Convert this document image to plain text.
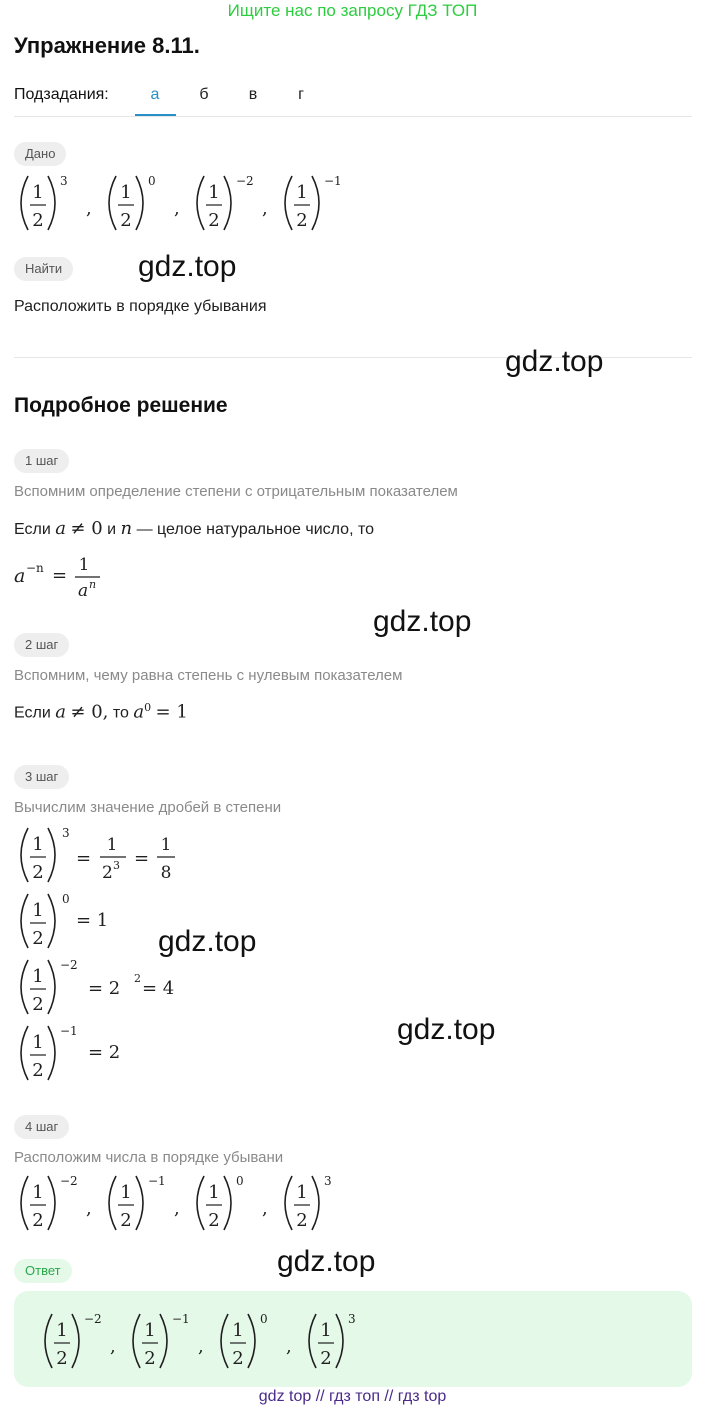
Ищите нас по запросу ГДЗ ТОП
Упражнение 8.11.
Подзадания:	а	б	в	г
Дано
1
2
3
,
1
2
0
,
1
2
−2
,
1
2
−1
Найти
Расположить в порядке убывания
Подробное решение
1 шаг
Вспомним определение степени с отрицательным показателем
Если a ≠ 0 и n — целое натуральное число, то
a −n = 1
a n
2 шаг
Вспомним, чему равна степень с нулевым показателем
Если a ≠ 0, то $a^0 = 1$
3 шаг
Вычислим значение дробей в степени
1
2
3
=
1
2 3 =
1
8
1
2
0
= 1
1
2
−2
= 2 2 = 4
1
2
−1
= 2
4 шаг
Расположим числа в порядке убывани
1
2
−2
,
1
2
−1
,
1
2
0
,
1
2
3
Ответ
1
2
−2
,
1
2
−1
,
1
2
0
,
1
2
3
gdz.top
gdz.top
gdz.top
gdz.top
gdz.top
gdz.top
gdz top // гдз топ // гдз top
